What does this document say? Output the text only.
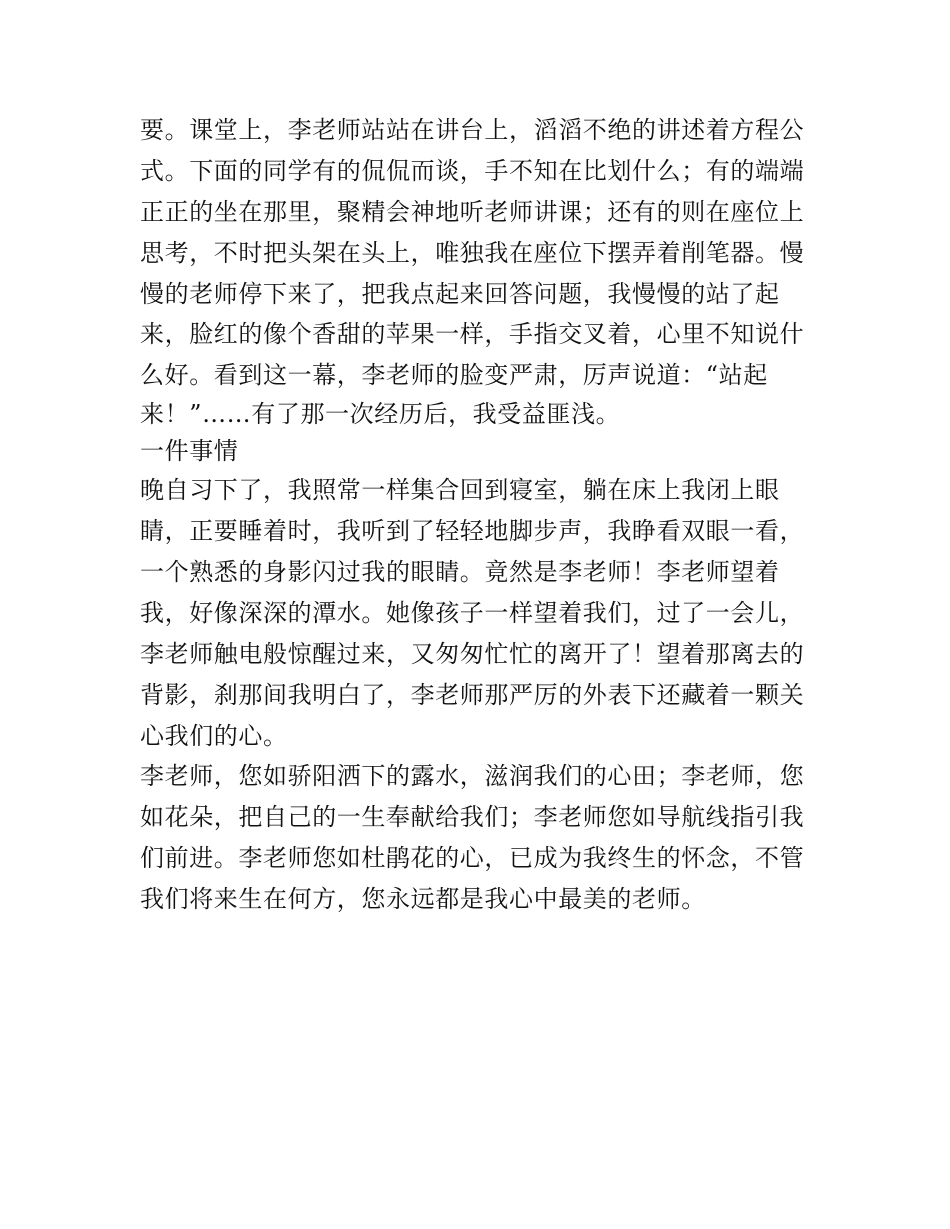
要。课堂上，李老师站站在讲台上，滔滔不绝的讲述着方程公
式。下面的同学有的侃侃而谈，手不知在比划什么；有的端端
正正的坐在那里，聚精会神地听老师讲课；还有的则在座位上
思考，不时把头架在头上，唯独我在座位下摆弄着削笔器。慢
慢的老师停下来了，把我点起来回答问题，我慢慢的站了起
来，脸红的像个香甜的苹果一样，手指交叉着，心里不知说什
么好。看到这一幕，李老师的脸变严肃，厉声说道：“站起
来！”……有了那一次经历后，我受益匪浅。
一件事情
晚自习下了，我照常一样集合回到寝室，躺在床上我闭上眼
睛，正要睡着时，我听到了轻轻地脚步声，我睁看双眼一看，
一个熟悉的身影闪过我的眼睛。竟然是李老师！李老师望着
我，好像深深的潭水。她像孩子一样望着我们，过了一会儿，
李老师触电般惊醒过来，又匆匆忙忙的离开了！望着那离去的
背影，刹那间我明白了，李老师那严厉的外表下还藏着一颗关
心我们的心。
李老师，您如骄阳洒下的露水，滋润我们的心田；李老师，您
如花朵，把自己的一生奉献给我们；李老师您如导航线指引我
们前进。李老师您如杜鹃花的心，已成为我终生的怀念，不管
我们将来生在何方，您永远都是我心中最美的老师。
